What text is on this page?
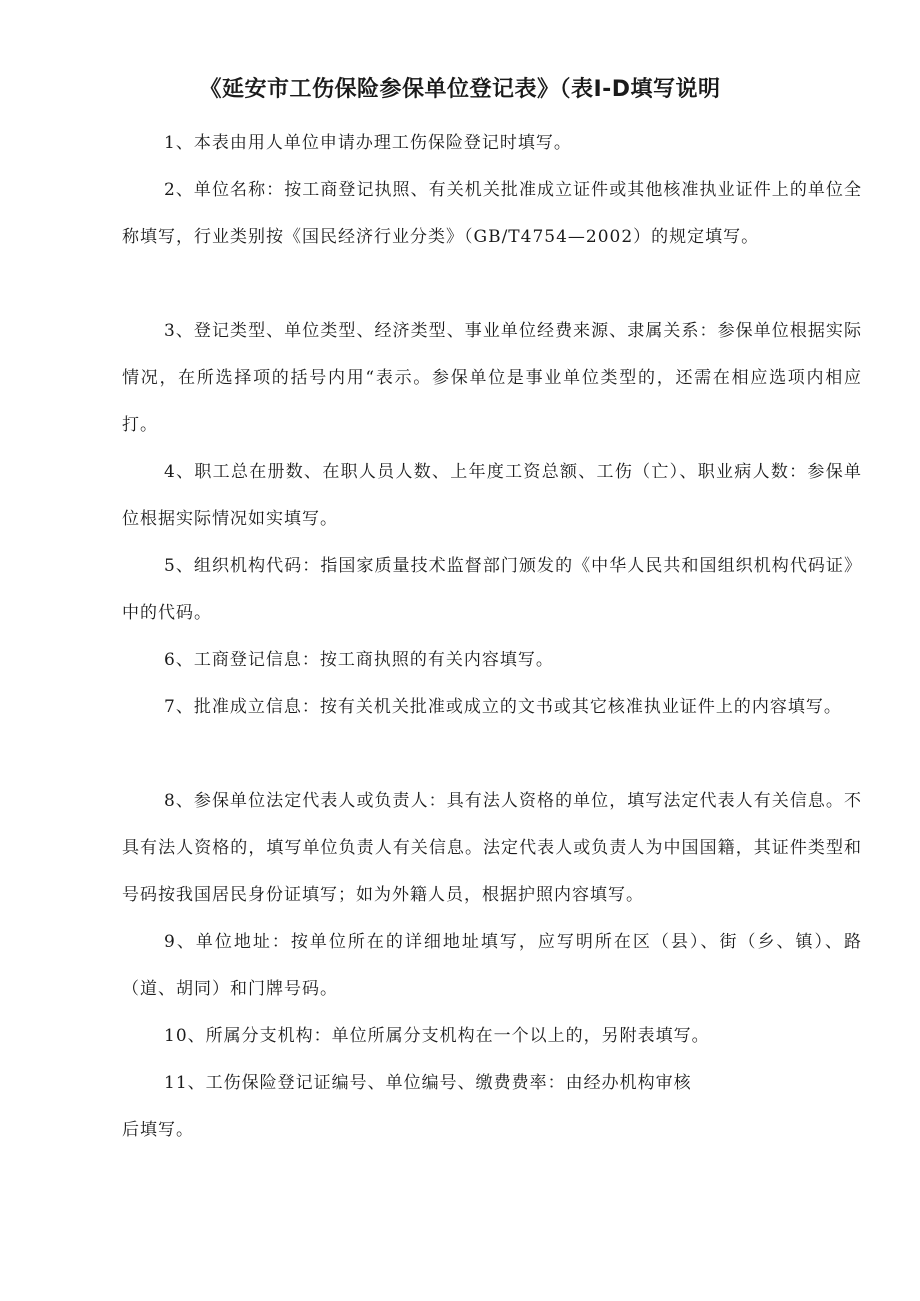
《延安市工伤保险参保单位登记表》（表I-D填写说明

1、本表由用人单位申请办理工伤保险登记时填写。

2、单位名称：按工商登记执照、有关机关批准成立证件或其他核准执业证件上的单位全称填写，行业类别按《国民经济行业分类》（GB/T4754—2002）的规定填写。

3、登记类型、单位类型、经济类型、事业单位经费来源、隶属关系：参保单位根据实际情况，在所选择项的括号内用“表示。参保单位是事业单位类型的，还需在相应选项内相应打。

4、职工总在册数、在职人员人数、上年度工资总额、工伤（亡）、职业病人数：参保单位根据实际情况如实填写。

5、组织机构代码：指国家质量技术监督部门颁发的《中华人民共和国组织机构代码证》中的代码。

6、工商登记信息：按工商执照的有关内容填写。

7、批准成立信息：按有关机关批准或成立的文书或其它核准执业证件上的内容填写。

8、参保单位法定代表人或负责人：具有法人资格的单位，填写法定代表人有关信息。不具有法人资格的，填写单位负责人有关信息。法定代表人或负责人为中国国籍，其证件类型和号码按我国居民身份证填写；如为外籍人员，根据护照内容填写。

9、单位地址：按单位所在的详细地址填写，应写明所在区（县）、街（乡、镇）、路（道、胡同）和门牌号码。

10、所属分支机构：单位所属分支机构在一个以上的，另附表填写。

11、工伤保险登记证编号、单位编号、缴费费率：由经办机构审核

后填写。
